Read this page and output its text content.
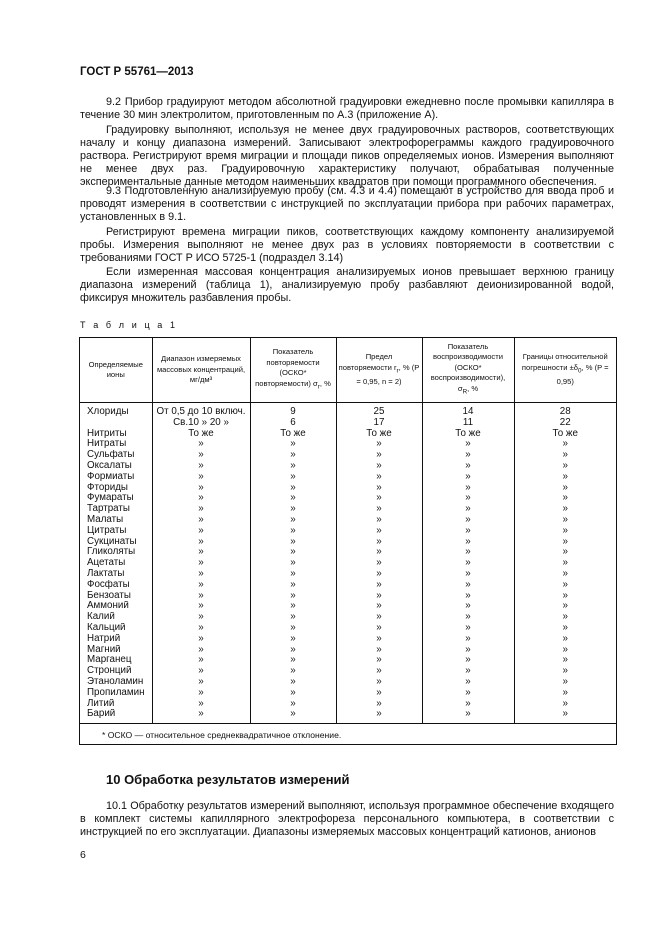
ГОСТ Р 55761—2013

9.2 Прибор градуируют методом абсолютной градуировки ежедневно после промывки капилляра в течение 30 мин электролитом, приготовленным по А.3 (приложение А).

Градуировку выполняют, используя не менее двух градуировочных растворов, соответствующих началу и концу диапазона измерений. Записывают электрофореграммы каждого градуировочного раствора. Регистрируют время миграции и площади пиков определяемых ионов. Измерения выполняют не менее двух раз. Градуировочную характеристику получают, обрабатывая полученные экспериментальные данные методом наименьших квадратов при помощи программного обеспечения.

9.3 Подготовленную анализируемую пробу (см. 4.3 и 4.4) помещают в устройство для ввода проб и проводят измерения в соответствии с инструкцией по эксплуатации прибора при рабочих параметрах, установленных в 9.1.

Регистрируют времена миграции пиков, соответствующих каждому компоненту анализируемой пробы. Измерения выполняют не менее двух раз в условиях повторяемости в соответствии с требованиями ГОСТ Р ИСО 5725-1 (подраздел 3.14)

Если измеренная массовая концентрация анализируемых ионов превышает верхнюю границу диапазона измерений (таблица 1), анализируемую пробу разбавляют деионизированной водой, фиксируя множитель разбавления пробы.

Т а б л и ц а 1
Определяемые ионы	Диапазон измеряемых массовых концентраций, мг/дм³	Показатель повторяемости (ОСКО* повторяемости) $\sigma_r$, %	Предел повторяемости $r_r$, % (P = 0,95, n = 2)	Показатель воспроизводимости (ОСКО* воспроизводимости), $\sigma_R$, %	Границы относительной погрешности $\pm\delta_0$, % (P = 0,95)
Хлориды	От 0,5 до 10 включ.	9	25	14	28
	Св.10 » 20 »	6	17	11	22
Нитриты	То же	То же	То же	То же	То же
Нитраты	»	»	»	»	»
Сульфаты	»	»	»	»	»
Оксалаты	»	»	»	»	»
Формиаты	»	»	»	»	»
Фториды	»	»	»	»	»
Фумараты	»	»	»	»	»
Тартраты	»	»	»	»	»
Малаты	»	»	»	»	»
Цитраты	»	»	»	»	»
Сукцинаты	»	»	»	»	»
Гликоляты	»	»	»	»	»
Ацетаты	»	»	»	»	»
Лактаты	»	»	»	»	»
Фосфаты	»	»	»	»	»
Бензоаты	»	»	»	»	»
Аммоний	»	»	»	»	»
Калий	»	»	»	»	»
Кальций	»	»	»	»	»
Натрий	»	»	»	»	»
Магний	»	»	»	»	»
Марганец	»	»	»	»	»
Стронций	»	»	»	»	»
Этаноламин	»	»	»	»	»
Пропиламин	»	»	»	»	»
Литий	»	»	»	»	»
Барий	»	»	»	»	»
* ОСКО — относительное среднеквадратичное отклонение.					
10 Обработка результатов измерений

10.1 Обработку результатов измерений выполняют, используя программное обеспечение входящего в комплект системы капиллярного электрофореза персонального компьютера, в соответствии с инструкцией по его эксплуатации. Диапазоны измеряемых массовых концентраций катионов, анионов

6
